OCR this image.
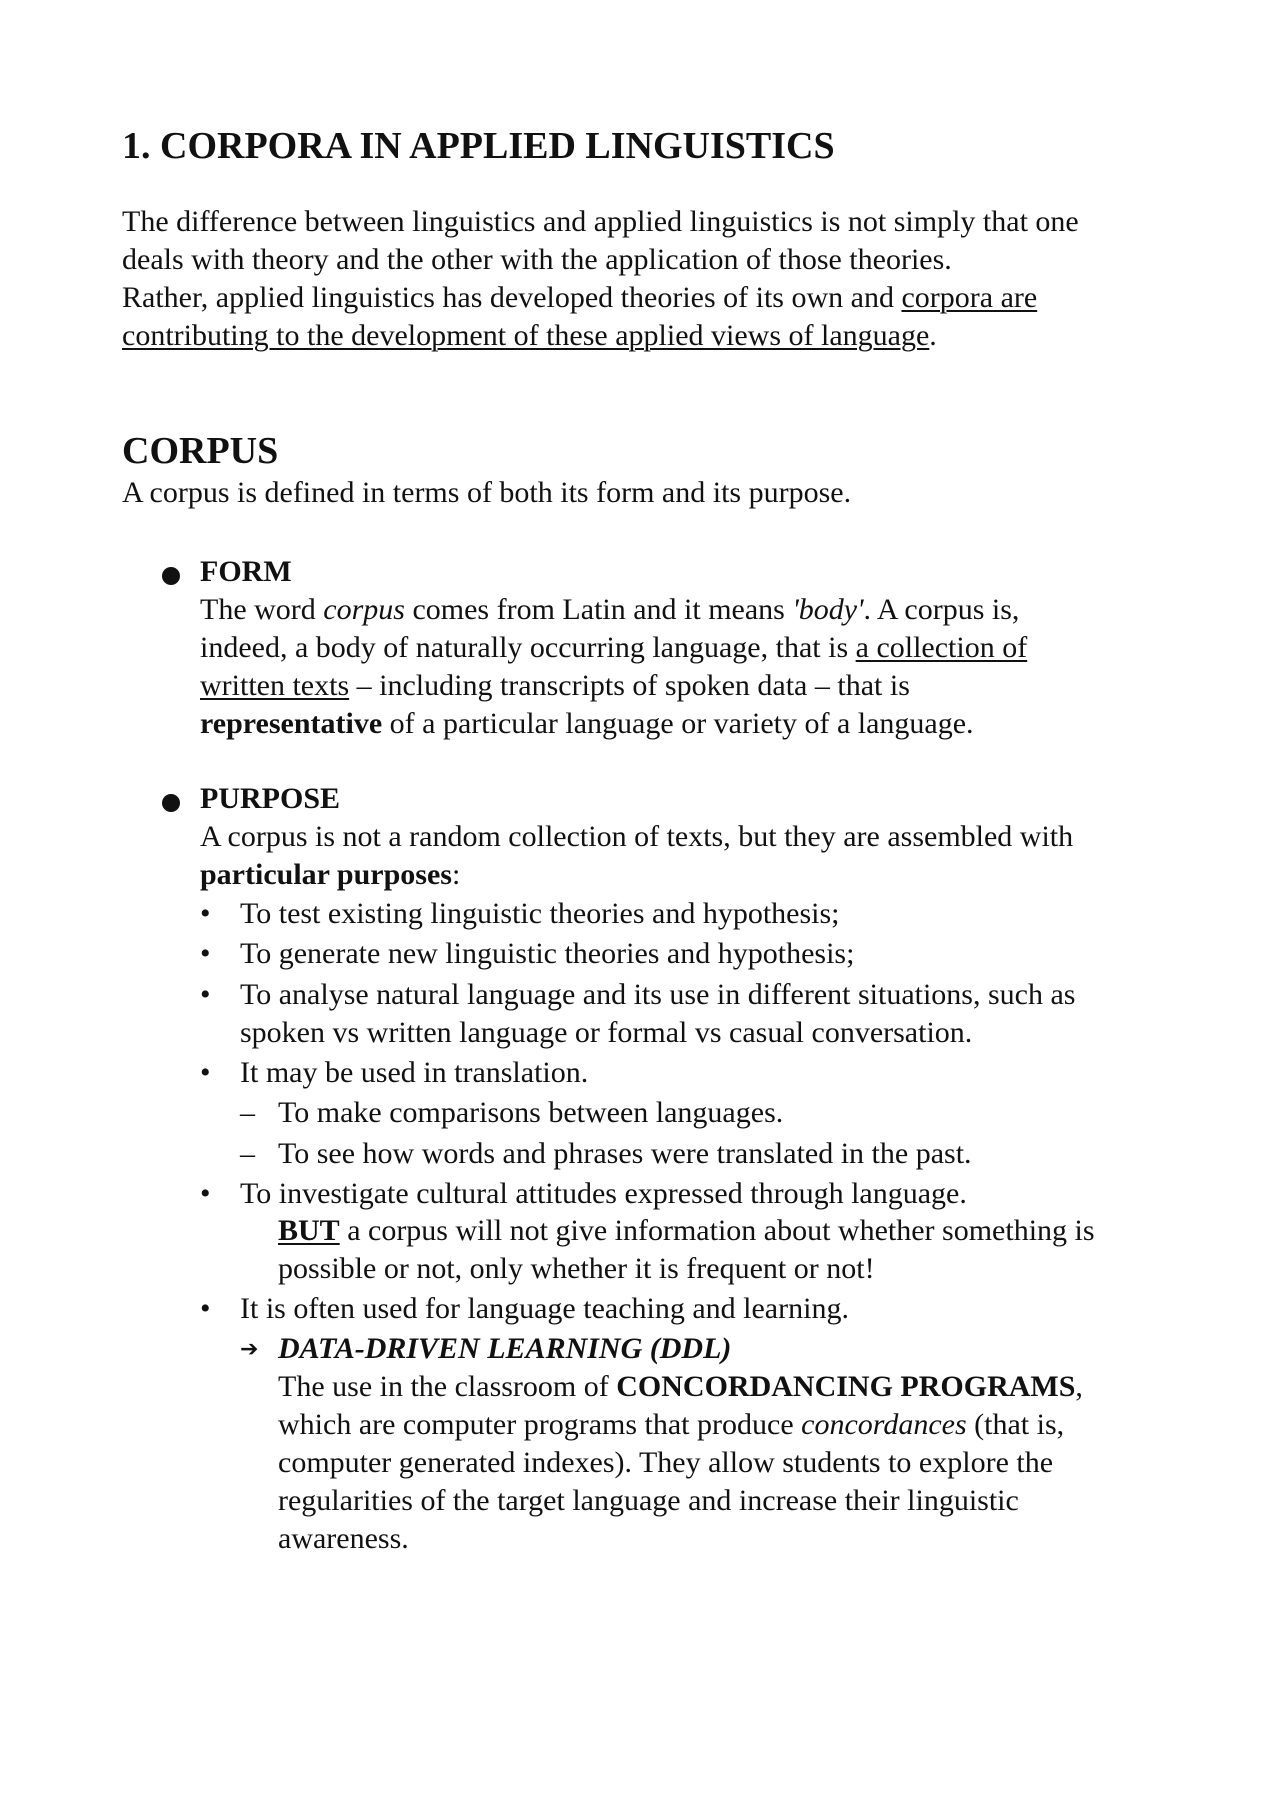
1. CORPORA IN APPLIED LINGUISTICS

The difference between linguistics and applied linguistics is not simply that one
deals with theory and the other with the application of those theories.
Rather, applied linguistics has developed theories of its own and corpora are
contributing to the development of these applied views of language.

CORPUS

A corpus is defined in terms of both its form and its purpose.

FORM
The word corpus comes from Latin and it means 'body'. A corpus is,
indeed, a body of naturally occurring language, that is a collection of
written texts – including transcripts of spoken data – that is
representative of a particular language or variety of a language.

PURPOSE
A corpus is not a random collection of texts, but they are assembled with
particular purposes:

• To test existing linguistic theories and hypothesis;
• To generate new linguistic theories and hypothesis;
• To analyse natural language and its use in different situations, such as
spoken vs written language or formal vs casual conversation.
• It may be used in translation.
– To make comparisons between languages.
– To see how words and phrases were translated in the past.
• To investigate cultural attitudes expressed through language.
BUT a corpus will not give information about whether something is
possible or not, only whether it is frequent or not!
• It is often used for language teaching and learning.
➔ DATA-DRIVEN LEARNING (DDL)
The use in the classroom of CONCORDANCING PROGRAMS,
which are computer programs that produce concordances (that is,
computer generated indexes). They allow students to explore the
regularities of the target language and increase their linguistic
awareness.
